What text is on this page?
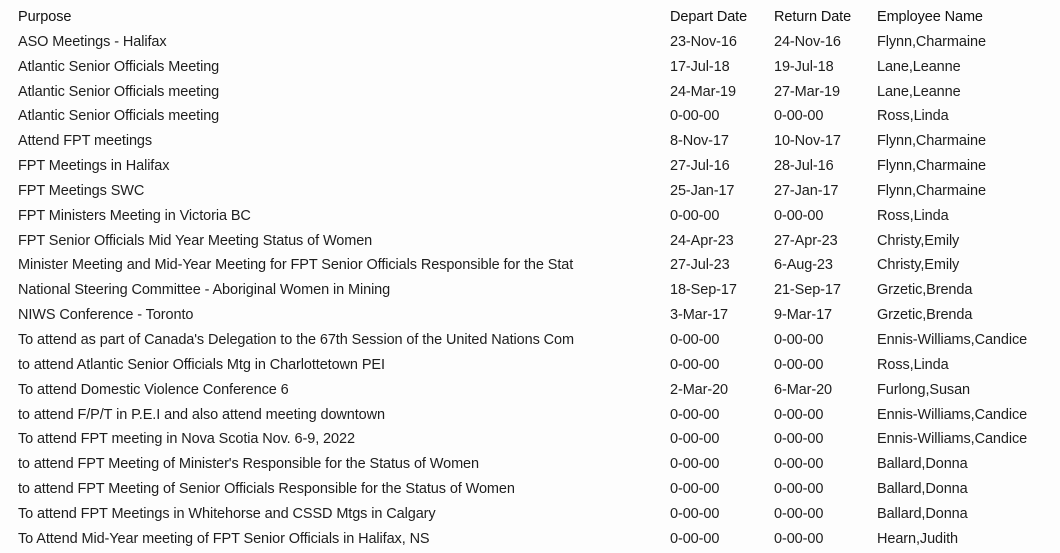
Purpose	Depart Date	Return Date	Employee Name
ASO Meetings - Halifax	23-Nov-16	24-Nov-16	Flynn,Charmaine
Atlantic Senior Officials Meeting	17-Jul-18	19-Jul-18	Lane,Leanne
Atlantic Senior Officials meeting	24-Mar-19	27-Mar-19	Lane,Leanne
Atlantic Senior Officials meeting	0-00-00	0-00-00	Ross,Linda
Attend FPT meetings	8-Nov-17	10-Nov-17	Flynn,Charmaine
FPT Meetings in Halifax	27-Jul-16	28-Jul-16	Flynn,Charmaine
FPT Meetings SWC	25-Jan-17	27-Jan-17	Flynn,Charmaine
FPT Ministers Meeting in Victoria BC	0-00-00	0-00-00	Ross,Linda
FPT Senior Officials Mid Year Meeting Status of Women	24-Apr-23	27-Apr-23	Christy,Emily
Minister Meeting and Mid-Year Meeting for FPT Senior Officials Responsible for the Stat	27-Jul-23	6-Aug-23	Christy,Emily
National Steering Committee - Aboriginal Women in Mining	18-Sep-17	21-Sep-17	Grzetic,Brenda
NIWS Conference - Toronto	3-Mar-17	9-Mar-17	Grzetic,Brenda
To attend as part of Canada's Delegation to the 67th Session of the United Nations Com	0-00-00	0-00-00	Ennis-Williams,Candice
to attend Atlantic Senior Officials Mtg in Charlottetown PEI	0-00-00	0-00-00	Ross,Linda
To attend Domestic Violence Conference 6	2-Mar-20	6-Mar-20	Furlong,Susan
to attend F/P/T in P.E.I and also attend meeting downtown	0-00-00	0-00-00	Ennis-Williams,Candice
To attend FPT meeting in Nova Scotia Nov. 6-9, 2022	0-00-00	0-00-00	Ennis-Williams,Candice
to attend FPT Meeting of Minister's Responsible for the Status of Women	0-00-00	0-00-00	Ballard,Donna
to attend FPT Meeting of Senior Officials Responsible for the Status of Women	0-00-00	0-00-00	Ballard,Donna
To attend FPT Meetings in Whitehorse and CSSD Mtgs in Calgary	0-00-00	0-00-00	Ballard,Donna
To Attend Mid-Year meeting of FPT Senior Officials in Halifax, NS	0-00-00	0-00-00	Hearn,Judith
